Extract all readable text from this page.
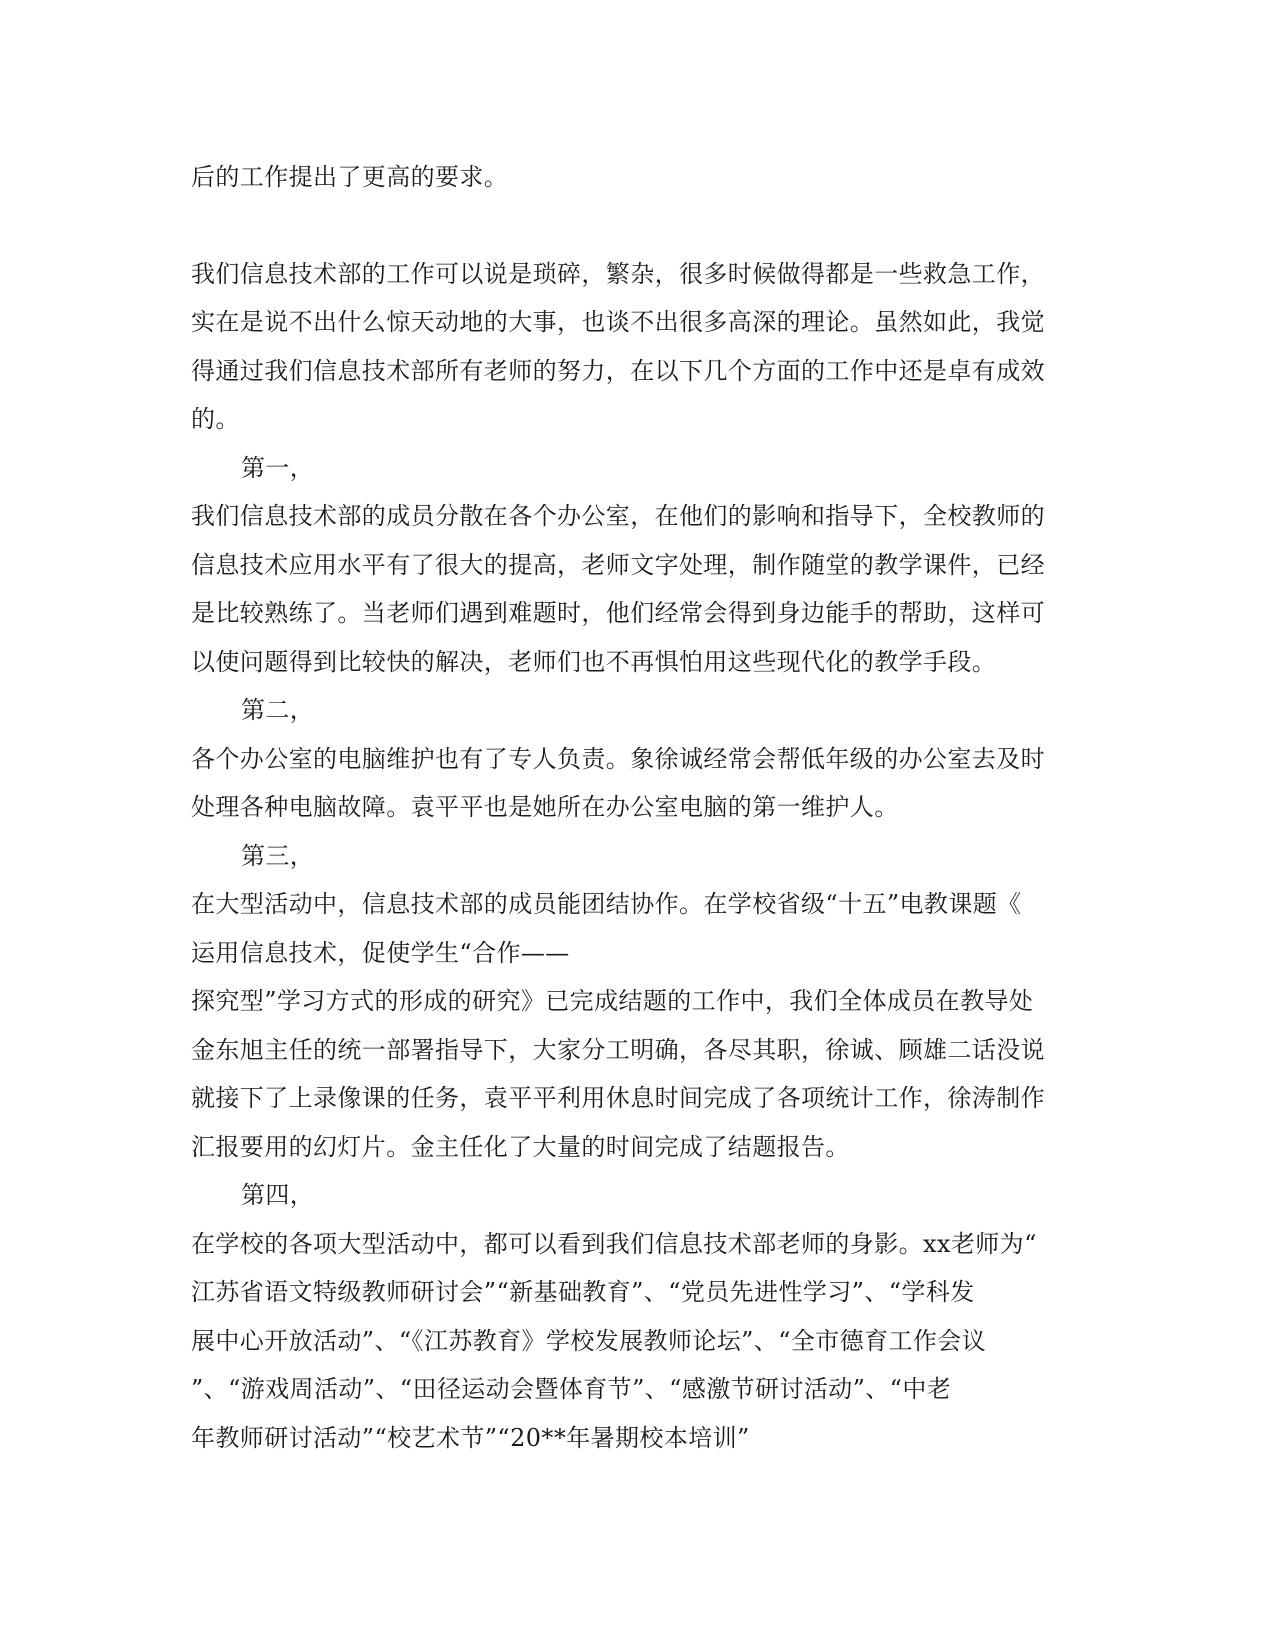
后的工作提出了更高的要求。
我们信息技术部的工作可以说是琐碎，繁杂，很多时候做得都是一些救急工作，
实在是说不出什么惊天动地的大事，也谈不出很多高深的理论。虽然如此，我觉
得通过我们信息技术部所有老师的努力，在以下几个方面的工作中还是卓有成效
的。
第一，
我们信息技术部的成员分散在各个办公室，在他们的影响和指导下，全校教师的
信息技术应用水平有了很大的提高，老师文字处理，制作随堂的教学课件，已经
是比较熟练了。当老师们遇到难题时，他们经常会得到身边能手的帮助，这样可
以使问题得到比较快的解决，老师们也不再惧怕用这些现代化的教学手段。
第二，
各个办公室的电脑维护也有了专人负责。象徐诚经常会帮低年级的办公室去及时
处理各种电脑故障。袁平平也是她所在办公室电脑的第一维护人。
第三，
在大型活动中，信息技术部的成员能团结协作。在学校省级“十五”电教课题《
运用信息技术，促使学生“合作——
探究型”学习方式的形成的研究》已完成结题的工作中，我们全体成员在教导处
金东旭主任的统一部署指导下，大家分工明确，各尽其职，徐诚、顾雄二话没说
就接下了上录像课的任务，袁平平利用休息时间完成了各项统计工作，徐涛制作
汇报要用的幻灯片。金主任化了大量的时间完成了结题报告。
第四，
在学校的各项大型活动中，都可以看到我们信息技术部老师的身影。xx老师为“
江苏省语文特级教师研讨会”“新基础教育”、“党员先进性学习”、“学科发
展中心开放活动”、“《江苏教育》学校发展教师论坛”、“全市德育工作会议
”、“游戏周活动”、“田径运动会暨体育节”、“感激节研讨活动”、“中老
年教师研讨活动”“校艺术节”“20**年暑期校本培训”
